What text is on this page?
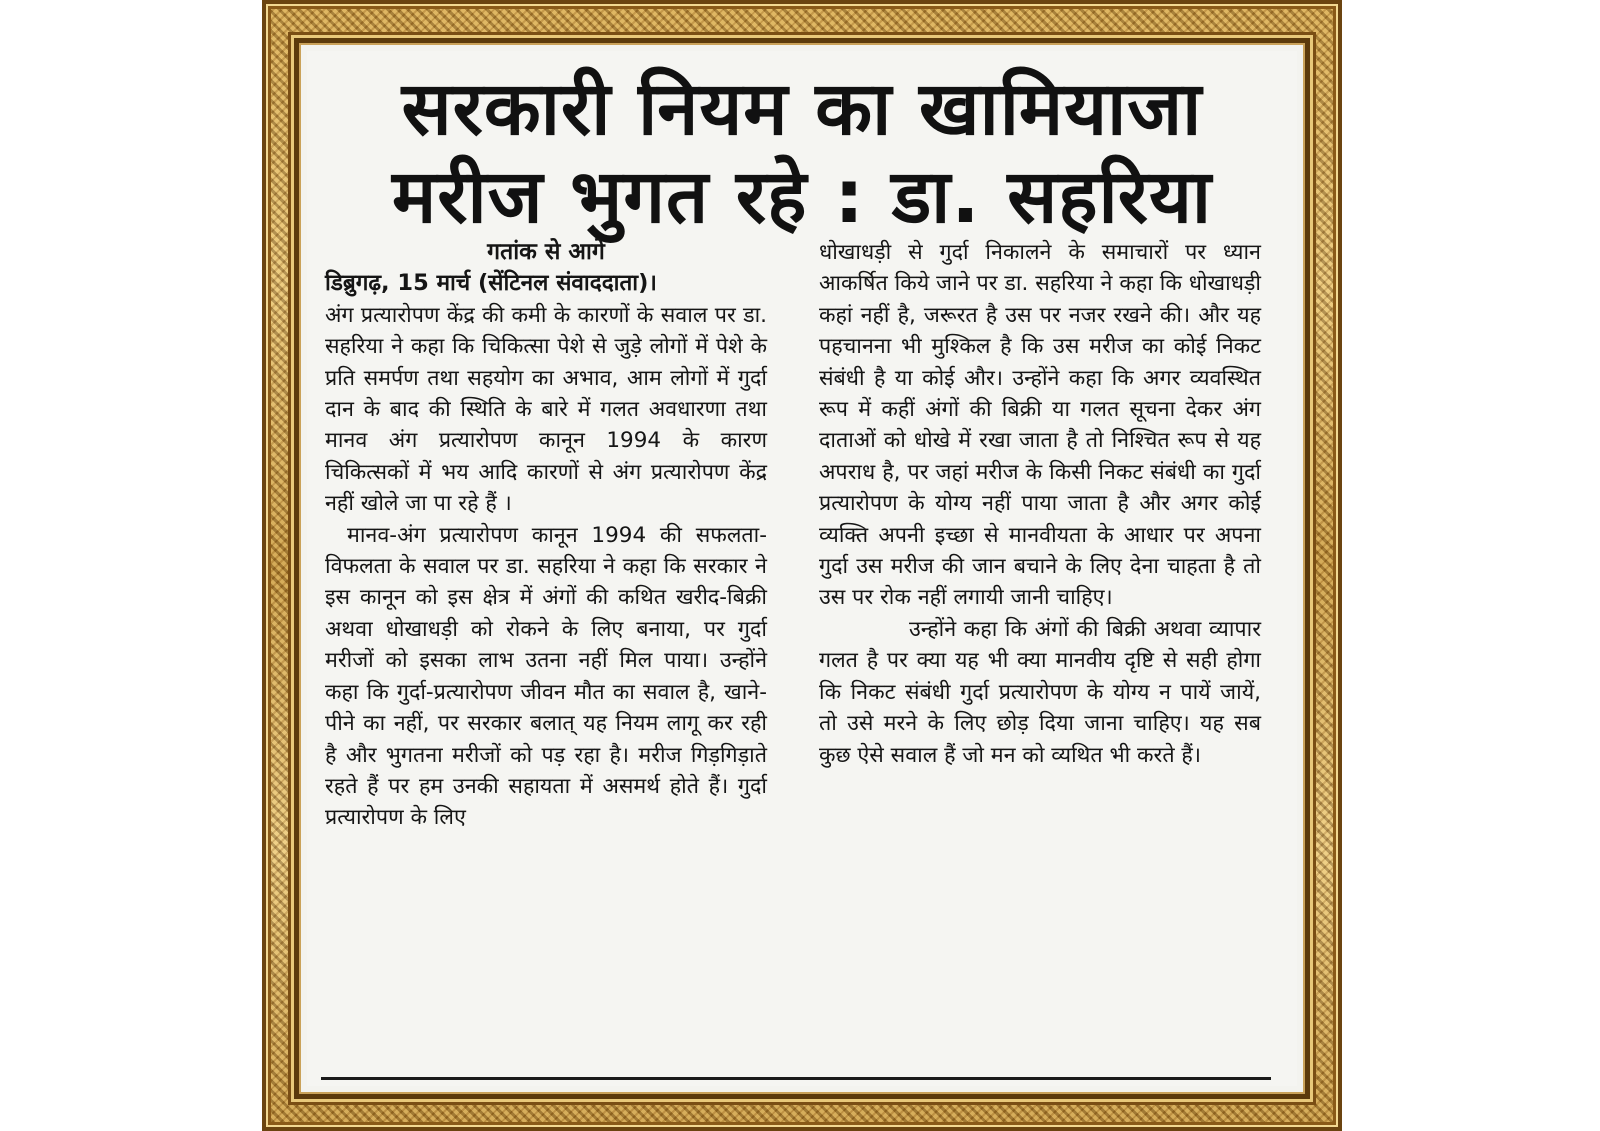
सरकारी नियम का खामियाजा
मरीज भुगत रहे : डा. सहरिया

गतांक से आगे

डिब्रुगढ़, 15 मार्च (सेंटिनल संवाददाता)।

अंग प्रत्यारोपण केंद्र की कमी के कारणों के सवाल पर डा. सहरिया ने कहा कि चिकित्सा पेशे से जुड़े लोगों में पेशे के प्रति समर्पण तथा सहयोग का अभाव, आम लोगों में गुर्दा दान के बाद की स्थिति के बारे में गलत अवधारणा तथा मानव अंग प्रत्यारोपण कानून 1994 के कारण चिकित्सकों में भय आदि कारणों से अंग प्रत्यारोपण केंद्र नहीं खोले जा पा रहे हैं ।

मानव-अंग प्रत्यारोपण कानून 1994 की सफलता-विफलता के सवाल पर डा. सहरिया ने कहा कि सरकार ने इस कानून को इस क्षेत्र में अंगों की कथित खरीद-बिक्री अथवा धोखाधड़ी को रोकने के लिए बनाया, पर गुर्दा मरीजों को इसका लाभ उतना नहीं मिल पाया। उन्होंने कहा कि गुर्दा-प्रत्यारोपण जीवन मौत का सवाल है, खाने-पीने का नहीं, पर सरकार बलात् यह नियम लागू कर रही है और भुगतना मरीजों को पड़ रहा है। मरीज गिड़गिड़ाते रहते हैं पर हम उनकी सहायता में असमर्थ होते हैं। गुर्दा प्रत्यारोपण के लिए

धोखाधड़ी से गुर्दा निकालने के समाचारों पर ध्यान आकर्षित किये जाने पर डा. सहरिया ने कहा कि धोखाधड़ी कहां नहीं है, जरूरत है उस पर नजर रखने की। और यह पहचानना भी मुश्किल है कि उस मरीज का कोई निकट संबंधी है या कोई और। उन्होंने कहा कि अगर व्यवस्थित रूप में कहीं अंगों की बिक्री या गलत सूचना देकर अंग दाताओं को धोखे में रखा जाता है तो निश्चित रूप से यह अपराध है, पर जहां मरीज के किसी निकट संबंधी का गुर्दा प्रत्यारोपण के योग्य नहीं पाया जाता है और अगर कोई व्यक्ति अपनी इच्छा से मानवीयता के आधार पर अपना गुर्दा उस मरीज की जान बचाने के लिए देना चाहता है तो उस पर रोक नहीं लगायी जानी चाहिए।

उन्होंने कहा कि अंगों की बिक्री अथवा व्यापार गलत है पर क्या यह भी क्या मानवीय दृष्टि से सही होगा कि निकट संबंधी गुर्दा प्रत्यारोपण के योग्य न पायें जायें, तो उसे मरने के लिए छोड़ दिया जाना चाहिए। यह सब कुछ ऐसे सवाल हैं जो मन को व्यथित भी करते हैं।
